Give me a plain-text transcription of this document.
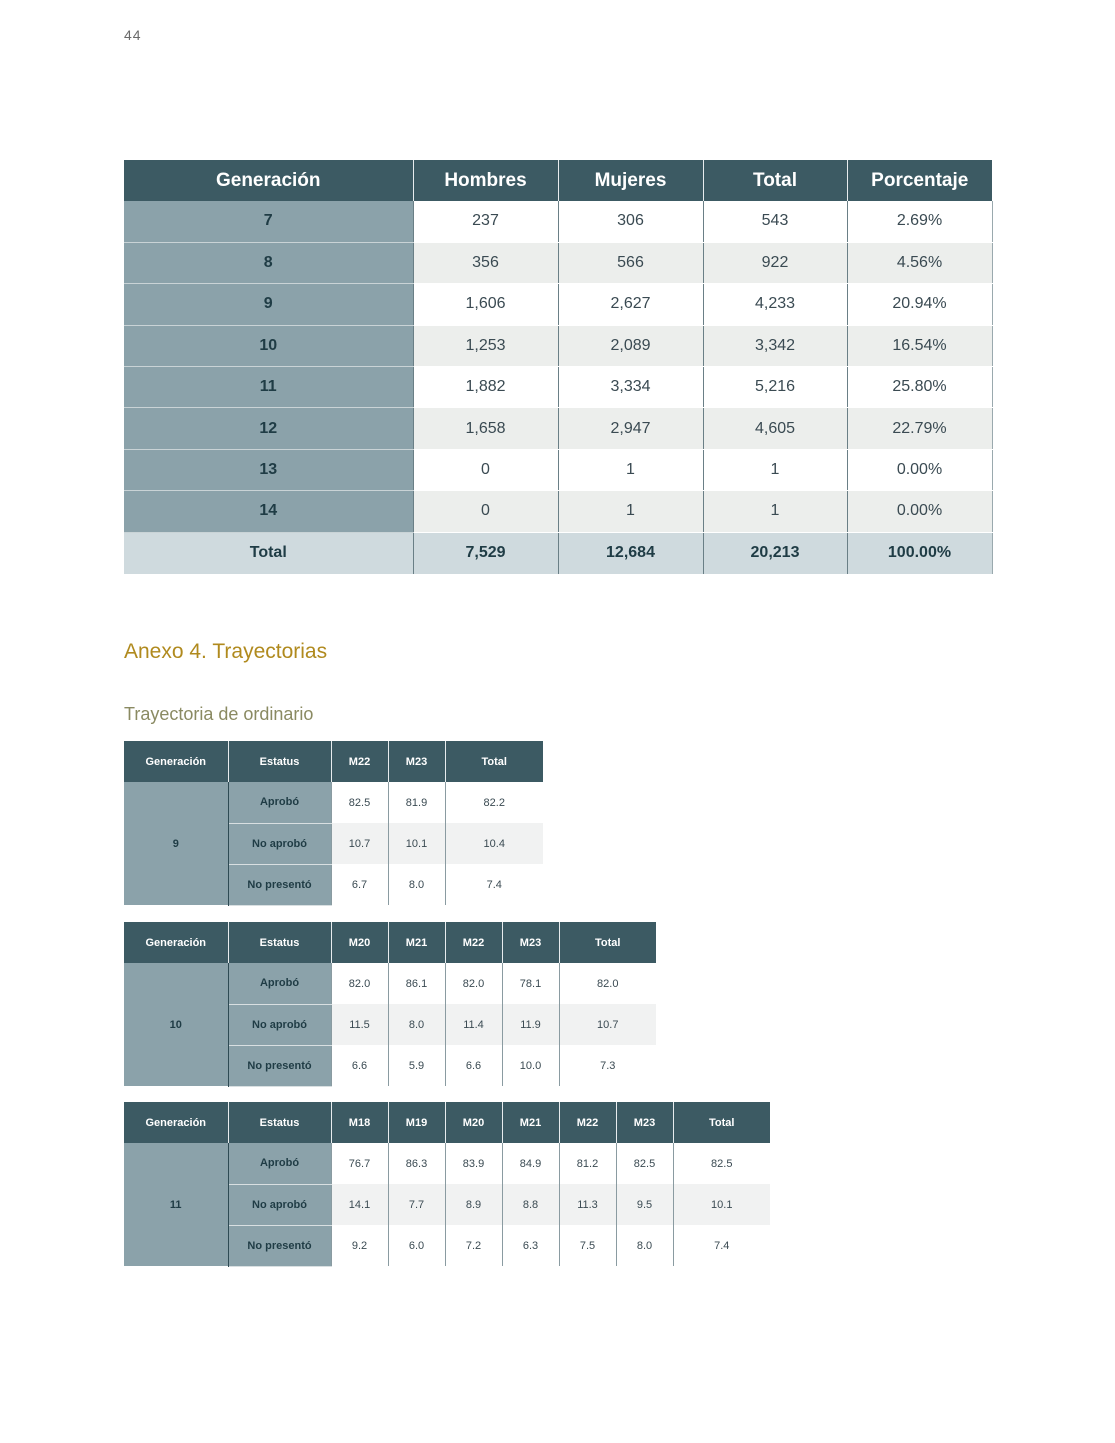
44
Generación	Hombres	Mujeres	Total	Porcentaje
7	237	306	543	2.69%
8	356	566	922	4.56%
9	1,606	2,627	4,233	20.94%
10	1,253	2,089	3,342	16.54%
11	1,882	3,334	5,216	25.80%
12	1,658	2,947	4,605	22.79%
13	0	1	1	0.00%
14	0	1	1	0.00%
Total	7,529	12,684	20,213	100.00%
Anexo 4. Trayectorias
Trayectoria de ordinario
Generación	Estatus	M22	M23	Total
9	Aprobó	82.5	81.9	82.2
	No aprobó	10.7	10.1	10.4
	No presentó	6.7	8.0	7.4
Generación	Estatus	M20	M21	M22	M23	Total
10	Aprobó	82.0	86.1	82.0	78.1	82.0
	No aprobó	11.5	8.0	11.4	11.9	10.7
	No presentó	6.6	5.9	6.6	10.0	7.3
Generación	Estatus	M18	M19	M20	M21	M22	M23	Total
11	Aprobó	76.7	86.3	83.9	84.9	81.2	82.5	82.5
	No aprobó	14.1	7.7	8.9	8.8	11.3	9.5	10.1
	No presentó	9.2	6.0	7.2	6.3	7.5	8.0	7.4
